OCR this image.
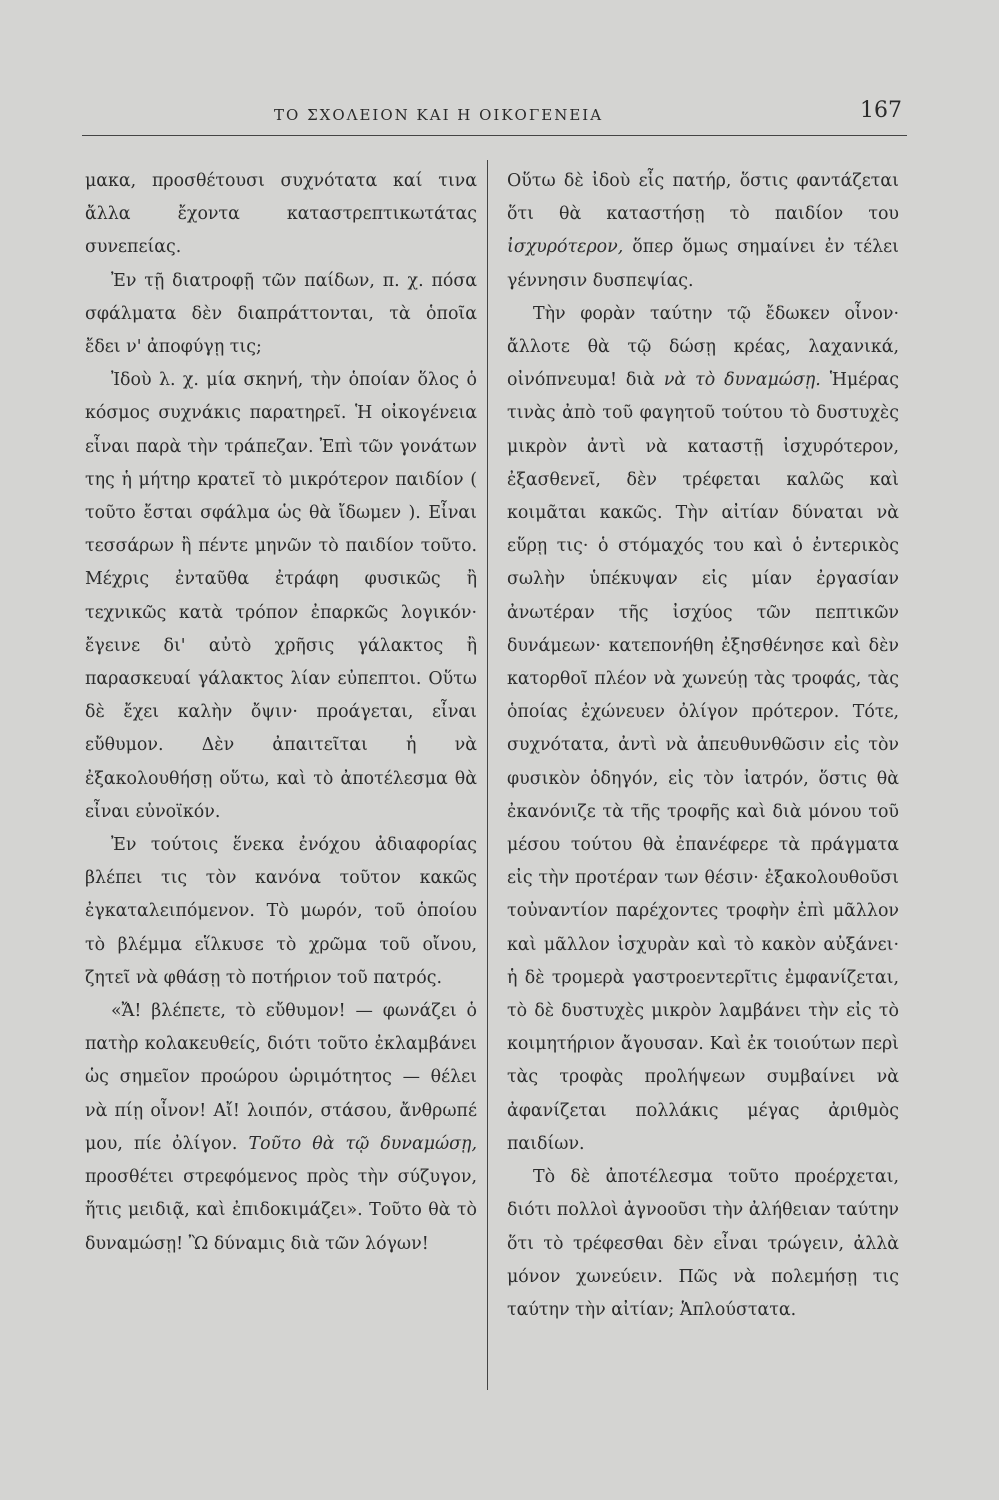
ΤΟ ΣΧΟΛΕΙΟΝ ΚΑΙ Η ΟΙΚΟΓΕΝΕΙΑ	167

μακα, προσθέτουσι συχνότατα καί τινα ἄλλα ἔχοντα καταστρεπτικωτάτας συνεπείας.

Ἐν τῇ διατροφῇ τῶν παίδων, π. χ. πόσα σφάλματα δὲν διαπράττονται, τὰ ὁποῖα ἔδει ν' ἀποφύγῃ τις;

Ἰδοὺ λ. χ. μία σκηνή, τὴν ὁποίαν ὅλος ὁ κόσμος συχνάκις παρατηρεῖ. Ἡ οἰκογένεια εἶναι παρὰ τὴν τράπεζαν. Ἐπὶ τῶν γονάτων της ἡ μήτηρ κρατεῖ τὸ μικρότερον παιδίον ( τοῦτο ἔσται σφάλμα ὡς θὰ ἴδωμεν ). Εἶναι τεσσάρων ἢ πέντε μηνῶν τὸ παιδίον τοῦτο. Μέχρις ἐνταῦθα ἐτράφη φυσικῶς ἢ τεχνικῶς κατὰ τρόπον ἐπαρκῶς λογικόν· ἔγεινε δι' αὐτὸ χρῆσις γάλακτος ἢ παρασκευαί γάλακτος λίαν εὐπεπτοι. Οὕτω δὲ ἔχει καλὴν ὄψιν· προάγεται, εἶναι εὔθυμον. Δὲν ἀπαιτεῖται ἡ νὰ ἐξακολουθήσῃ οὕτω, καὶ τὸ ἀποτέλεσμα θὰ εἶναι εὐνοϊκόν.

Ἐν τούτοις ἕνεκα ἐνόχου ἀδιαφορίας βλέπει τις τὸν κανόνα τοῦτον κακῶς ἐγκαταλειπόμενον. Τὸ μωρόν, τοῦ ὁποίου τὸ βλέμμα εἵλκυσε τὸ χρῶμα τοῦ οἴνου, ζητεῖ νὰ φθάσῃ τὸ ποτήριον τοῦ πατρός.

«Ἄ! βλέπετε, τὸ εὔθυμον! — φωνάζει ὁ πατὴρ κολακευθείς, διότι τοῦτο ἐκλαμβάνει ὡς σημεῖον προώρου ὡριμότητος — θέλει νὰ πίῃ οἶνον! Αἴ! λοιπόν, στάσου, ἄνθρωπέ μου, πίε ὀλίγον. Τοῦτο θὰ τῷ δυναμώσῃ, προσθέτει στρεφόμενος πρὸς τὴν σύζυγον, ἥτις μειδιᾷ, καὶ ἐπιδοκιμάζει». Τοῦτο θὰ τὸ δυναμώσῃ! Ὢ δύναμις διὰ τῶν λόγων!

Οὕτω δὲ ἰδοὺ εἷς πατήρ, ὅστις φαντάζεται ὅτι θὰ καταστήσῃ τὸ παιδίον του ἰσχυρότερον, ὅπερ ὅμως σημαίνει ἐν τέλει γέννησιν δυσπεψίας.

Τὴν φορὰν ταύτην τῷ ἔδωκεν οἶνον· ἄλλοτε θὰ τῷ δώσῃ κρέας, λαχανικά, οἰνόπνευμα! διὰ νὰ τὸ δυναμώσῃ. Ἡμέρας τινὰς ἀπὸ τοῦ φαγητοῦ τούτου τὸ δυστυχὲς μικρὸν ἀντὶ νὰ καταστῇ ἰσχυρότερον, ἐξασθενεῖ, δὲν τρέφεται καλῶς καὶ κοιμᾶται κακῶς. Τὴν αἰτίαν δύναται νὰ εὕρῃ τις· ὁ στόμαχός του καὶ ὁ ἐντερικὸς σωλὴν ὑπέκυψαν εἰς μίαν ἐργασίαν ἀνωτέραν τῆς ἰσχύος τῶν πεπτικῶν δυνάμεων· κατεπονήθη ἐξησθένησε καὶ δὲν κατορθοῖ πλέον νὰ χωνεύῃ τὰς τροφάς, τὰς ὁποίας ἐχώνευεν ὀλίγον πρότερον. Τότε, συχνότατα, ἀντὶ νὰ ἀπευθυνθῶσιν εἰς τὸν φυσικὸν ὁδηγόν, εἰς τὸν ἰατρόν, ὅστις θὰ ἐκανόνιζε τὰ τῆς τροφῆς καὶ διὰ μόνου τοῦ μέσου τούτου θὰ ἐπανέφερε τὰ πράγματα εἰς τὴν προτέραν των θέσιν· ἐξακολουθοῦσι τοὐναντίον παρέχοντες τροφὴν ἐπὶ μᾶλλον καὶ μᾶλλον ἰσχυρὰν καὶ τὸ κακὸν αὐξάνει· ἡ δὲ τρομερὰ γαστροεντερῖτις ἐμφανίζεται, τὸ δὲ δυστυχὲς μικρὸν λαμβάνει τὴν εἰς τὸ κοιμητήριον ἄγουσαν. Καὶ ἐκ τοιούτων περὶ τὰς τροφὰς προλήψεων συμβαίνει νὰ ἀφανίζεται πολλάκις μέγας ἀριθμὸς παιδίων.

Τὸ δὲ ἀποτέλεσμα τοῦτο προέρχεται, διότι πολλοὶ ἀγνοοῦσι τὴν ἀλήθειαν ταύτην ὅτι τὸ τρέφεσθαι δὲν εἶναι τρώγειν, ἀλλὰ μόνον χωνεύειν. Πῶς νὰ πολεμήσῃ τις ταύτην τὴν αἰτίαν; Ἁπλούστατα.
